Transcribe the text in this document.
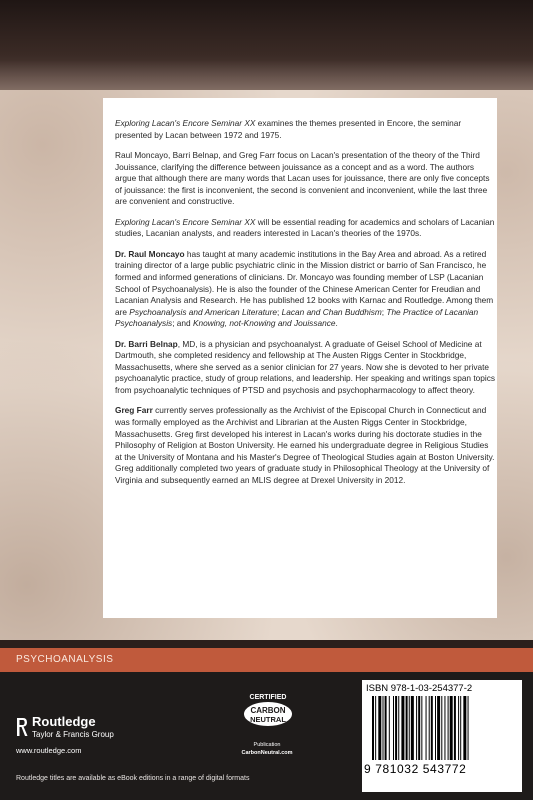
Exploring Lacan's Encore Seminar XX examines the themes presented in Encore, the seminar presented by Lacan between 1972 and 1975.

Raul Moncayo, Barri Belnap, and Greg Farr focus on Lacan's presentation of the theory of the Third Jouissance, clarifying the difference between jouissance as a concept and as a word. The authors argue that although there are many words that Lacan uses for jouissance, there are only five concepts of jouissance: the first is inconvenient, the second is convenient and inconvenient, while the last three are convenient and constructive.

Exploring Lacan's Encore Seminar XX will be essential reading for academics and scholars of Lacanian studies, Lacanian analysts, and readers interested in Lacan's theories of the 1970s.

Dr. Raul Moncayo has taught at many academic institutions in the Bay Area and abroad. As a retired training director of a large public psychiatric clinic in the Mission district or barrio of San Francisco, he formed and informed generations of clinicians. Dr. Moncayo was founding member of LSP (Lacanian School of Psychoanalysis). He is also the founder of the Chinese American Center for Freudian and Lacanian Analysis and Research. He has published 12 books with Karnac and Routledge. Among them are Psychoanalysis and American Literature; Lacan and Chan Buddhism; The Practice of Lacanian Psychoanalysis; and Knowing, not-Knowing and Jouissance.

Dr. Barri Belnap, MD, is a physician and psychoanalyst. A graduate of Geisel School of Medicine at Dartmouth, she completed residency and fellowship at The Austen Riggs Center in Stockbridge, Massachusetts, where she served as a senior clinician for 27 years. Now she is devoted to her private psychoanalytic practice, study of group relations, and leadership. Her speaking and writings span topics from psychoanalytic techniques of PTSD and psychosis and psychopharmacology to affect theory.

Greg Farr currently serves professionally as the Archivist of the Episcopal Church in Connecticut and was formally employed as the Archivist and Librarian at the Austen Riggs Center in Stockbridge, Massachusetts. Greg first developed his interest in Lacan's works during his doctorate studies in the Philosophy of Religion at Boston University. He earned his undergraduate degree in Religious Studies at the University of Montana and his Master's Degree of Theological Studies again at Boston University. Greg additionally completed two years of graduate study in Philosophical Theology at the University of Virginia and subsequently earned an MLIS degree at Drexel University in 2012.

PSYCHOANALYSIS
Routledge
Taylor & Francis Group
www.routledge.com
Routledge titles are available as eBook editions in a range of digital formats
CERTIFIED
CARBON
NEUTRAL
Publication
CarbonNeutral.com
ISBN 978-1-03-254377-2
9 781032 543772
an informa business
